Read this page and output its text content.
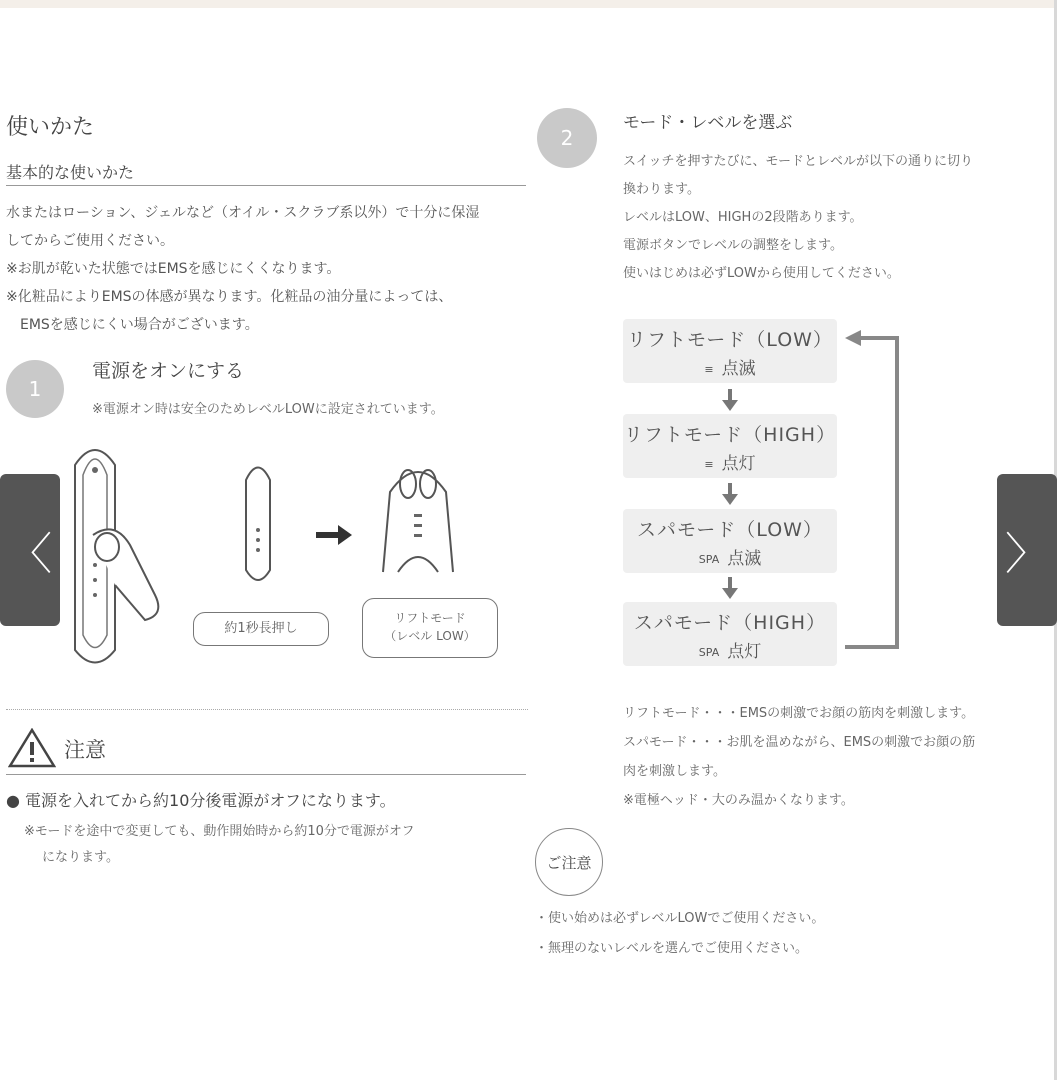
使いかた
基本的な使いかた
水またはローション、ジェルなど（オイル・スクラブ系以外）で十分に保湿
してからご使用ください。
※お肌が乾いた状態ではEMSを感じにくくなります。
※化粧品によりEMSの体感が異なります。化粧品の油分量によっては、
　EMSを感じにくい場合がございます。
1
電源をオンにする
※電源オン時は安全のためレベルLOWに設定されています。
約1秒長押し
リフトモード
（レベル LOW）
注意
● 電源を入れてから約10分後電源がオフになります。
※モードを途中で変更しても、動作開始時から約10分で電源がオフ
になります。
2
モード・レベルを選ぶ
スイッチを押すたびに、モードとレベルが以下の通りに切り
換わります。
レベルはLOW、HIGHの2段階あります。
電源ボタンでレベルの調整をします。
使いはじめは必ずLOWから使用してください。
リフトモード（LOW）
≡ 点滅
リフトモード（HIGH）
≡ 点灯
スパモード（LOW）
SPA 点滅
スパモード（HIGH）
SPA 点灯
リフトモード・・・EMSの刺激でお顔の筋肉を刺激します。
スパモード・・・お肌を温めながら、EMSの刺激でお顔の筋
肉を刺激します。
※電極ヘッド・大のみ温かくなります。
ご注意
・使い始めは必ずレベルLOWでご使用ください。
・無理のないレベルを選んでご使用ください。
〈	〉
